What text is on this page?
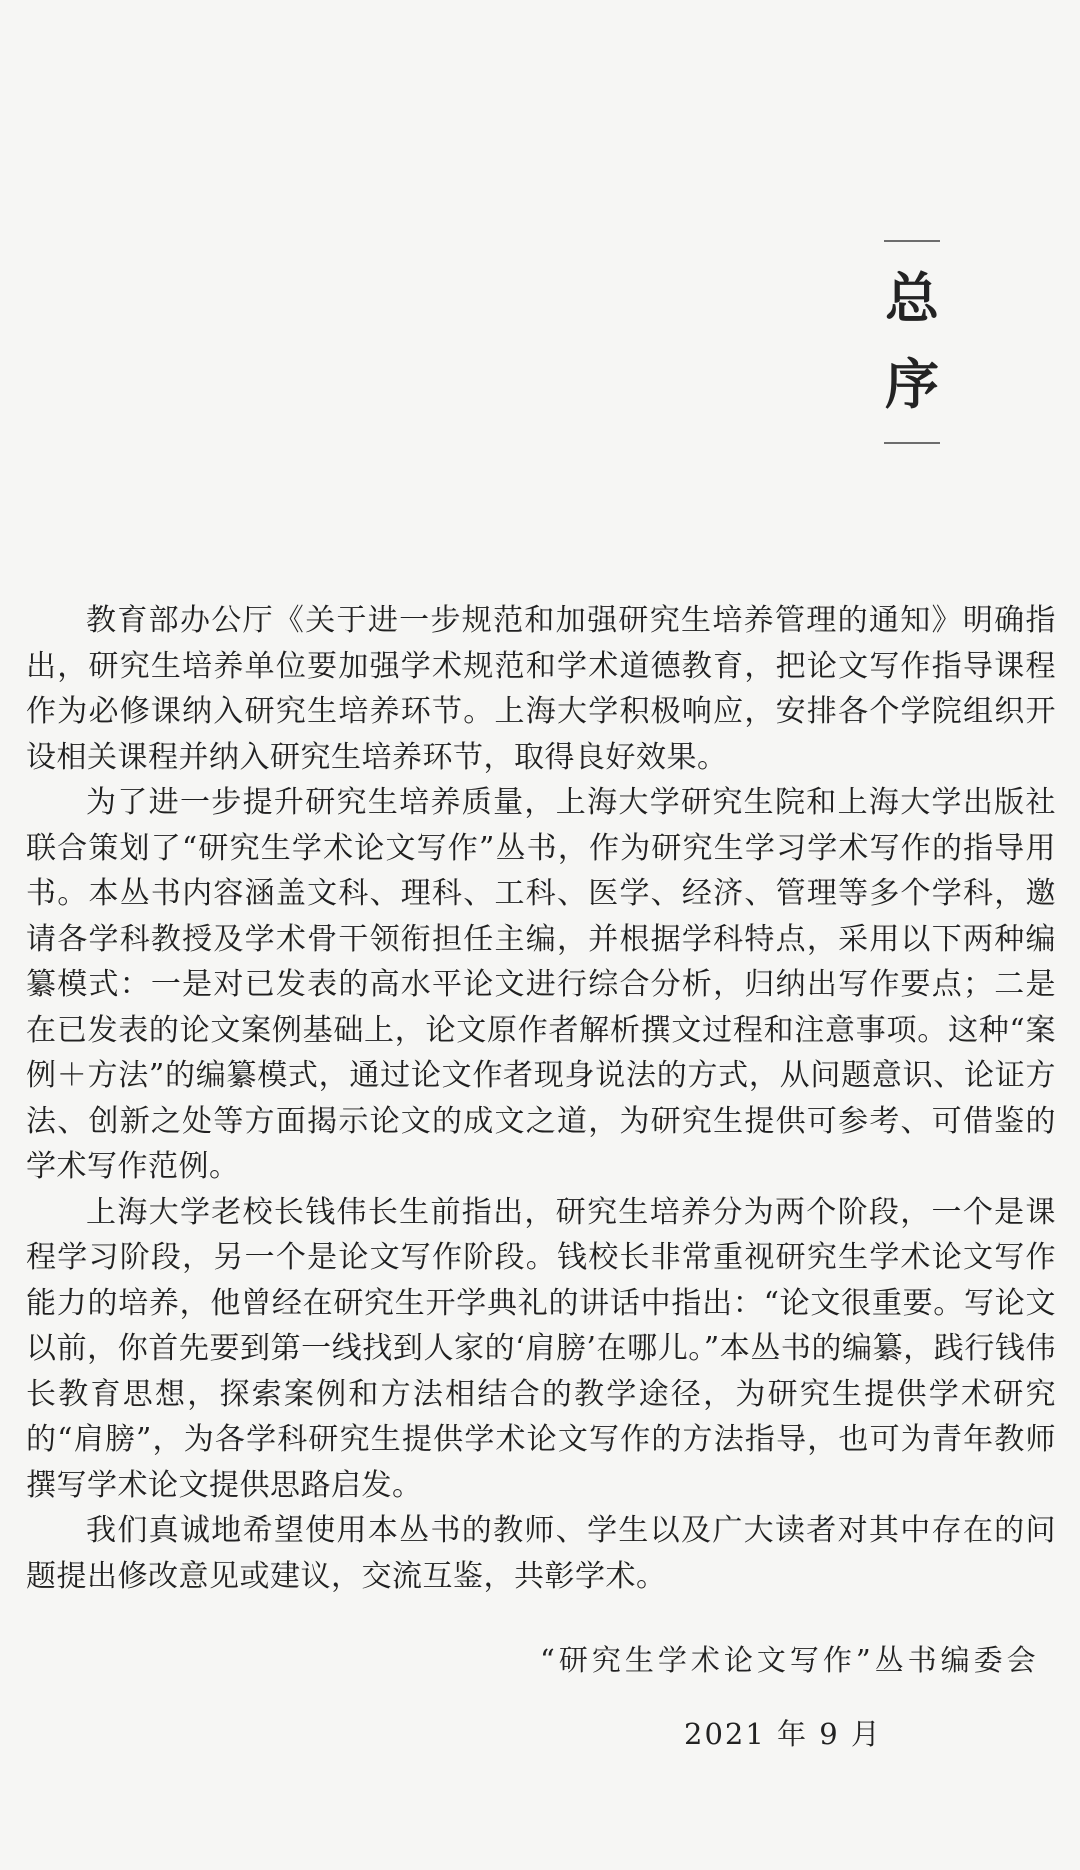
总
序

教育部办公厅《关于进一步规范和加强研究生培养管理的通知》明确指出，研究生培养单位要加强学术规范和学术道德教育，把论文写作指导课程作为必修课纳入研究生培养环节。上海大学积极响应，安排各个学院组织开设相关课程并纳入研究生培养环节，取得良好效果。

为了进一步提升研究生培养质量，上海大学研究生院和上海大学出版社联合策划了“研究生学术论文写作”丛书，作为研究生学习学术写作的指导用书。本丛书内容涵盖文科、理科、工科、医学、经济、管理等多个学科，邀请各学科教授及学术骨干领衔担任主编，并根据学科特点，采用以下两种编纂模式：一是对已发表的高水平论文进行综合分析，归纳出写作要点；二是在已发表的论文案例基础上，论文原作者解析撰文过程和注意事项。这种“案例＋方法”的编纂模式，通过论文作者现身说法的方式，从问题意识、论证方法、创新之处等方面揭示论文的成文之道，为研究生提供可参考、可借鉴的学术写作范例。

上海大学老校长钱伟长生前指出，研究生培养分为两个阶段，一个是课程学习阶段，另一个是论文写作阶段。钱校长非常重视研究生学术论文写作能力的培养，他曾经在研究生开学典礼的讲话中指出：“论文很重要。写论文以前，你首先要到第一线找到人家的‘肩膀’在哪儿。”本丛书的编纂，践行钱伟长教育思想，探索案例和方法相结合的教学途径，为研究生提供学术研究的“肩膀”，为各学科研究生提供学术论文写作的方法指导，也可为青年教师撰写学术论文提供思路启发。

我们真诚地希望使用本丛书的教师、学生以及广大读者对其中存在的问题提出修改意见或建议，交流互鉴，共彰学术。

“研究生学术论文写作”丛书编委会
2021 年 9 月
